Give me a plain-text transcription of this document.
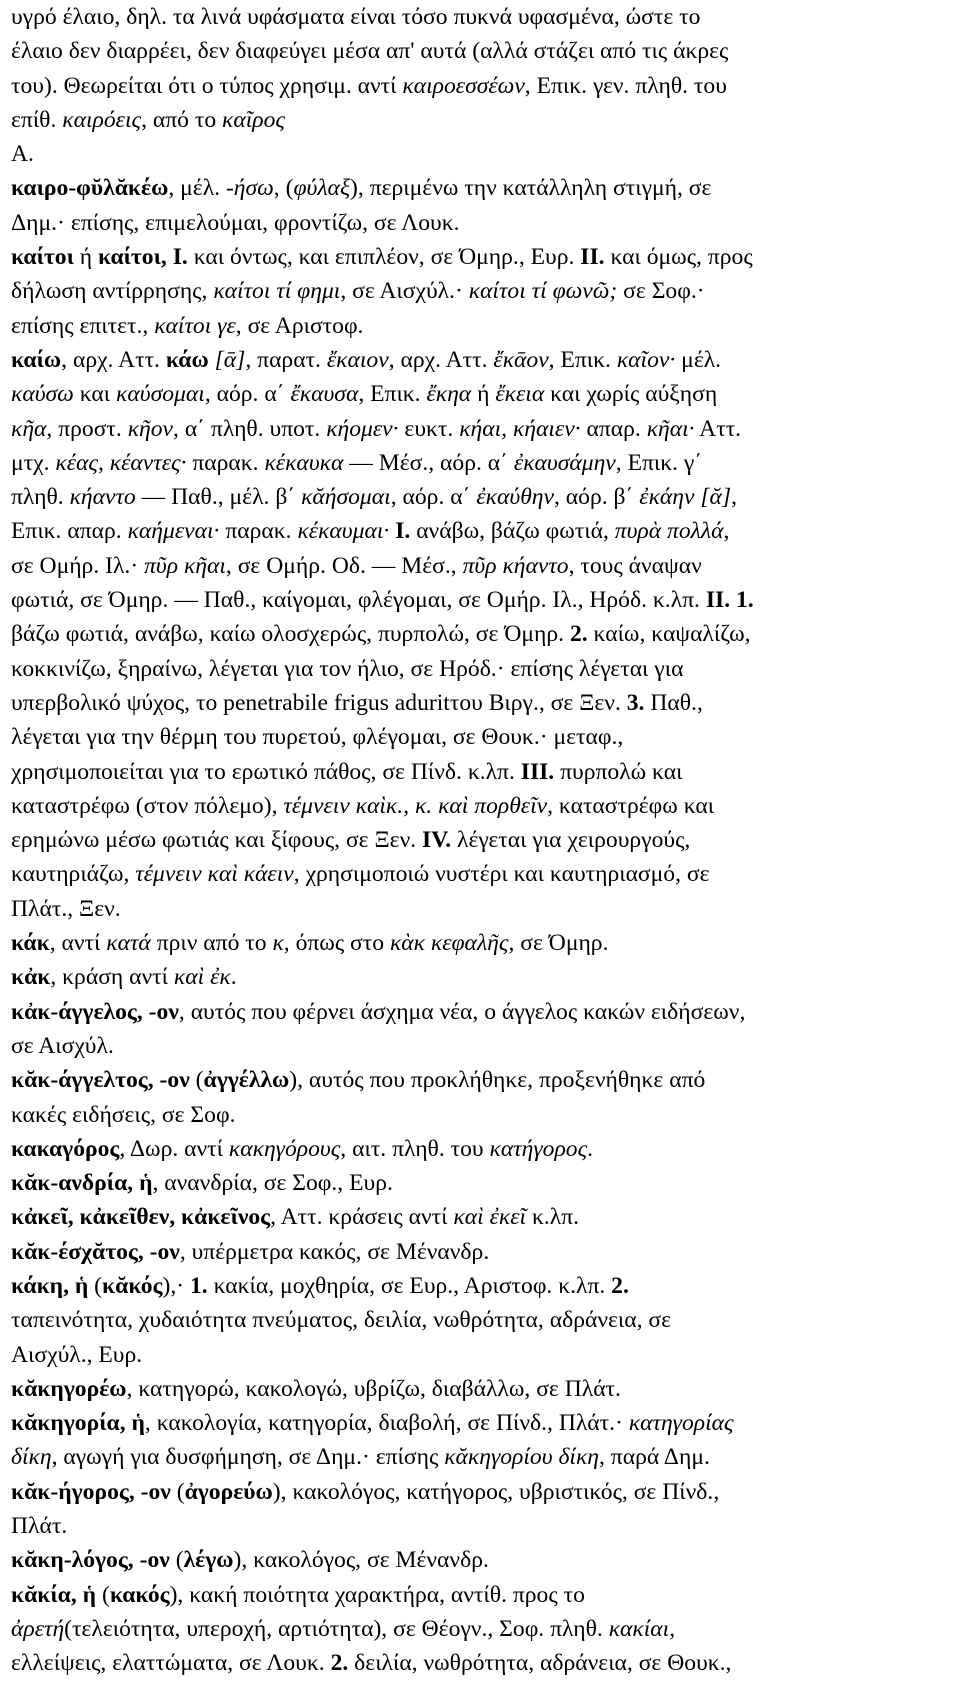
υγρό έλαιο, δηλ. τα λινά υφάσματα είναι τόσο πυκνά υφασμένα, ώστε το
έλαιο δεν διαρρέει, δεν διαφεύγει μέσα απ' αυτά (αλλά στάζει από τις άκρες
του). Θεωρείται ότι ο τύπος χρησιμ. αντί καιροεσσέων, Επικ. γεν. πληθ. του
επίθ. καιρόεις, από το καῖρος
Α.
καιρο-φῠλᾰκέω, μέλ. -ήσω, (φύλαξ), περιμένω την κατάλληλη στιγμή, σε
Δημ.· επίσης, επιμελούμαι, φροντίζω, σε Λουκ.
καίτοι ή καίτοι, Ι. και όντως, και επιπλέον, σε Όμηρ., Ευρ. ΙΙ. και όμως, προς
δήλωση αντίρρησης, καίτοι τί φημι, σε Αισχύλ.· καίτοι τί φωνῶ; σε Σοφ.·
επίσης επιτετ., καίτοι γε, σε Αριστοφ.
καίω, αρχ. Αττ. κάω [ᾱ], παρατ. ἔκαιον, αρχ. Αττ. ἔκᾱον, Επικ. καῖον· μέλ.
καύσω και καύσομαι, αόρ. α΄ ἔκαυσα, Επικ. ἔκηα ή ἔκεια και χωρίς αύξηση
κῆα, προστ. κῆον, α΄ πληθ. υποτ. κήομεν· ευκτ. κήαι, κήαιεν· απαρ. κῆαι· Αττ.
μτχ. κέας, κέαντες· παρακ. κέκαυκα — Μέσ., αόρ. α΄ ἐκαυσάμην, Επικ. γ΄
πληθ. κήαντο — Παθ., μέλ. β΄ κᾰήσομαι, αόρ. α΄ ἐκαύθην, αόρ. β΄ ἐκάην [ᾰ],
Επικ. απαρ. καήμεναι· παρακ. κέκαυμαι· Ι. ανάβω, βάζω φωτιά, πυρὰ πολλά,
σε Ομήρ. Ιλ.· πῦρ κῆαι, σε Ομήρ. Οδ. — Μέσ., πῦρ κήαντο, τους άναψαν
φωτιά, σε Όμηρ. — Παθ., καίγομαι, φλέγομαι, σε Ομήρ. Ιλ., Ηρόδ. κ.λπ. ΙΙ. 1.
βάζω φωτιά, ανάβω, καίω ολοσχερώς, πυρπολώ, σε Όμηρ. 2. καίω, καψαλίζω,
κοκκινίζω, ξηραίνω, λέγεται για τον ήλιο, σε Ηρόδ.· επίσης λέγεται για
υπερβολικό ψύχος, το penetrabile frigus aduritτου Βιργ., σε Ξεν. 3. Παθ.,
λέγεται για την θέρμη του πυρετού, φλέγομαι, σε Θουκ.· μεταφ.,
χρησιμοποιείται για το ερωτικό πάθος, σε Πίνδ. κ.λπ. ΙΙΙ. πυρπολώ και
καταστρέφω (στον πόλεμο), τέμνειν καὶκ., κ. καὶ πορθεῖν, καταστρέφω και
ερημώνω μέσω φωτιάς και ξίφους, σε Ξεν. IV. λέγεται για χειρουργούς,
καυτηριάζω, τέμνειν καὶ κάειν, χρησιμοποιώ νυστέρι και καυτηριασμό, σε
Πλάτ., Ξεν.
κάκ, αντί κατά πριν από το κ, όπως στο κὰκ κεφαλῆς, σε Όμηρ.
κἀκ, κράση αντί καὶ ἐκ.
κἀκ-άγγελος, -ον, αυτός που φέρνει άσχημα νέα, ο άγγελος κακών ειδήσεων,
σε Αισχύλ.
κᾰκ-άγγελτος, -ον (ἀγγέλλω), αυτός που προκλήθηκε, προξενήθηκε από
κακές ειδήσεις, σε Σοφ.
κακαγόρος, Δωρ. αντί κακηγόρους, αιτ. πληθ. του κατήγορος.
κᾰκ-ανδρία, ἡ, ανανδρία, σε Σοφ., Ευρ.
κἀκεῖ, κἀκεῖθεν, κἀκεῖνος, Αττ. κράσεις αντί καὶ ἐκεῖ κ.λπ.
κᾰκ-έσχᾰτος, -ον, υπέρμετρα κακός, σε Μένανδρ.
κάκη, ἡ (κᾰκός),· 1. κακία, μοχθηρία, σε Ευρ., Αριστοφ. κ.λπ. 2.
ταπεινότητα, χυδαιότητα πνεύματος, δειλία, νωθρότητα, αδράνεια, σε
Αισχύλ., Ευρ.
κᾰκηγορέω, κατηγορώ, κακολογώ, υβρίζω, διαβάλλω, σε Πλάτ.
κᾰκηγορία, ἡ, κακολογία, κατηγορία, διαβολή, σε Πίνδ., Πλάτ.· κατηγορίας
δίκη, αγωγή για δυσφήμηση, σε Δημ.· επίσης κᾰκηγορίου δίκη, παρά Δημ.
κᾰκ-ήγορος, -ον (ἀγορεύω), κακολόγος, κατήγορος, υβριστικός, σε Πίνδ.,
Πλάτ.
κᾰκη-λόγος, -ον (λέγω), κακολόγος, σε Μένανδρ.
κᾰκία, ἡ (κακός), κακή ποιότητα χαρακτήρα, αντίθ. προς το
ἀρετή(τελειότητα, υπεροχή, αρτιότητα), σε Θέογν., Σοφ. πληθ. κακίαι,
ελλείψεις, ελαττώματα, σε Λουκ. 2. δειλία, νωθρότητα, αδράνεια, σε Θουκ.,
